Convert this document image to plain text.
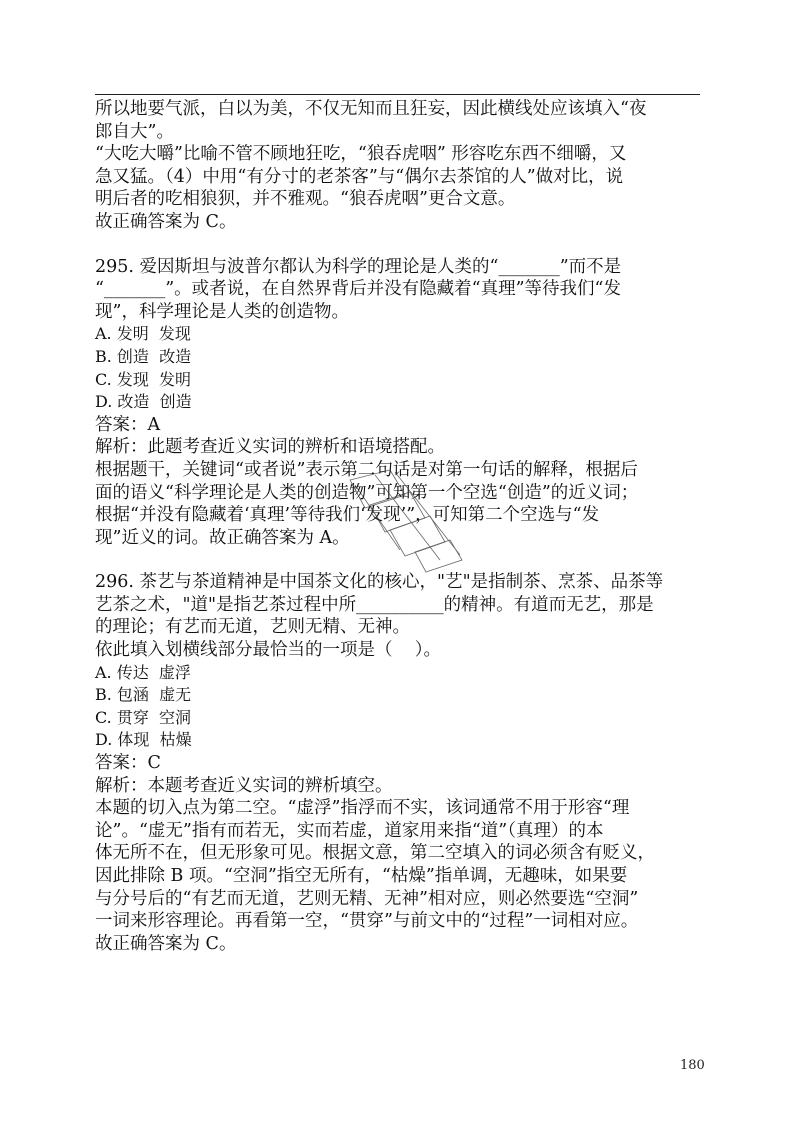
所以地要气派，白以为美，不仅无知而且狂妄，因此横线处应该填入“夜

郎自大”。

“大吃大嚼”比喻不管不顾地狂吃，“狼吞虎咽” 形容吃东西不细嚼，又

急又猛。（4）中用“有分寸的老茶客”与“偶尔去茶馆的人”做对比，说

明后者的吃相狼狈，并不雅观。“狼吞虎咽”更合文意。

故正确答案为 C。

295. 爱因斯坦与波普尔都认为科学的理论是人类的“_______”而不是

“_______”。或者说，在自然界背后并没有隐藏着“真理”等待我们“发

现”，科学理论是人类的创造物。

A. 发明  发现

B. 创造  改造

C. 发现  发明

D. 改造  创造

答案：A

解析：此题考查近义实词的辨析和语境搭配。

根据题干，关键词“或者说”表示第二句话是对第一句话的解释，根据后

面的语义“科学理论是人类的创造物”可知第一个空选“创造”的近义词；

根据“并没有隐藏着‘真理’等待我们‘发现’”，可知第二个空选与“发

现”近义的词。故正确答案为 A。

296. 茶艺与茶道精神是中国茶文化的核心，"艺"是指制茶、烹茶、品茶等

艺茶之术，"道"是指艺茶过程中所__________的精神。有道而无艺，那是

的理论；有艺而无道，艺则无精、无神。

依此填入划横线部分最恰当的一项是（    ）。

A. 传达  虚浮

B. 包涵  虚无

C. 贯穿  空洞

D. 体现  枯燥

答案：C

解析：本题考查近义实词的辨析填空。

本题的切入点为第二空。“虚浮”指浮而不实，该词通常不用于形容“理

论”。“虚无”指有而若无，实而若虚，道家用来指“道”（真理）的本

体无所不在，但无形象可见。根据文意，第二空填入的词必须含有贬义，

因此排除 B 项。“空洞”指空无所有，“枯燥”指单调，无趣味，如果要

与分号后的“有艺而无道，艺则无精、无神”相对应，则必然要选“空洞”

一词来形容理论。再看第一空，“贯穿”与前文中的“过程”一词相对应。

故正确答案为 C。

180
